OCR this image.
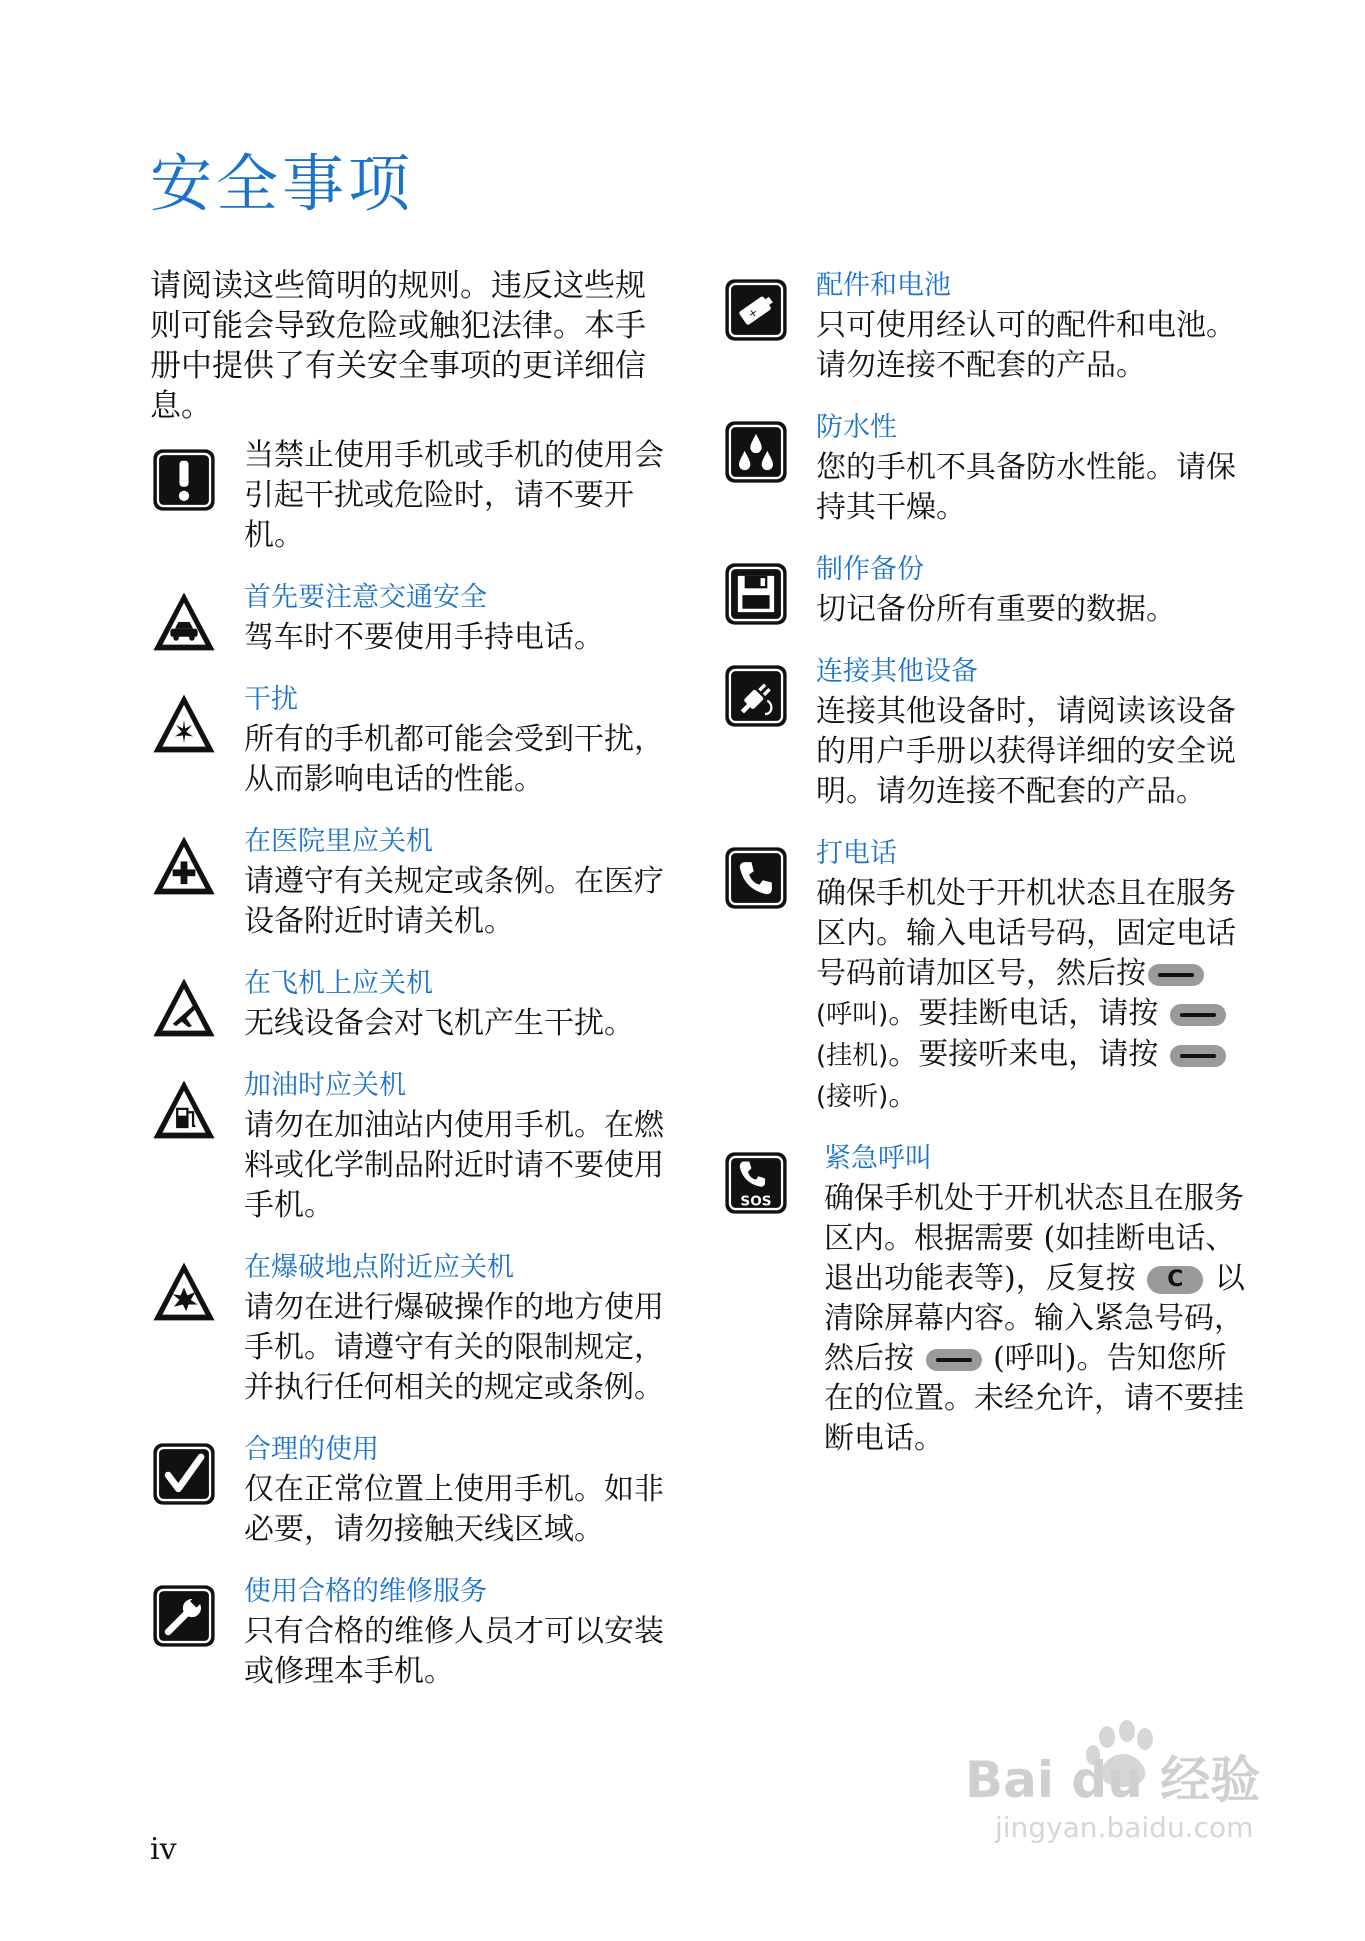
安全事项
请阅读这些简明的规则。违反这些规则可能会导致危险或触犯法律。本手册中提供了有关安全事项的更详细信息。
当禁止使用手机或手机的使用会引起干扰或危险时，请不要开机。
首先要注意交通安全
驾车时不要使用手持电话。
干扰
所有的手机都可能会受到干扰，从而影响电话的性能。
在医院里应关机
请遵守有关规定或条例。在医疗设备附近时请关机。
在飞机上应关机
无线设备会对飞机产生干扰。
加油时应关机
请勿在加油站内使用手机。在燃料或化学制品附近时请不要使用手机。
在爆破地点附近应关机
请勿在进行爆破操作的地方使用手机。请遵守有关的限制规定，并执行任何相关的规定或条例。
合理的使用
仅在正常位置上使用手机。如非必要，请勿接触天线区域。
使用合格的维修服务
只有合格的维修人员才可以安装或修理本手机。
+
配件和电池
只可使用经认可的配件和电池。请勿连接不配套的产品。
防水性
您的手机不具备防水性能。请保持其干燥。
制作备份
切记备份所有重要的数据。
连接其他设备
连接其他设备时，请阅读该设备的用户手册以获得详细的安全说明。请勿连接不配套的产品。
打电话
确保手机处于开机状态且在服务区内。输入电话号码，固定电话号码前请加区号，然后按 (呼叫)。要挂断电话，请按  (挂机)。要接听来电，请按  (接听)。
SOS
紧急呼叫
确保手机处于开机状态且在服务区内。根据需要 (如挂断电话、退出功能表等)，反复按 C 以清除屏幕内容。输入紧急号码，然后按	(呼叫)。告知您所在的位置。未经允许，请不要挂断电话。
iv
Bai du 经验
jingyan.baidu.com
